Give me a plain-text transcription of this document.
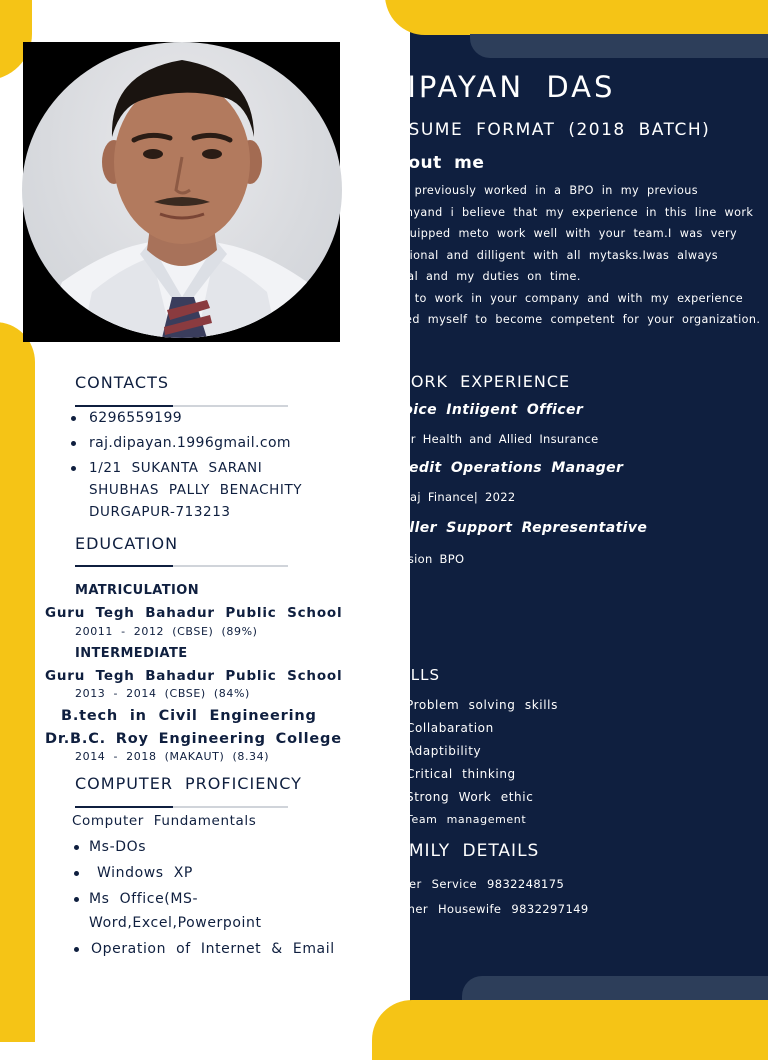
DIPAYAN DAS
RESUME FORMAT (2018 BATCH)
About me

I have previously worked in a BPO in my previous companyand i believe that my experience in this line work has equipped meto work well with your team.I was very professional and dilligent with all mytasks.Iwas always punctual and my duties on time.

I want to work in your company and with my experience prepared myself to become competent for your organization.

WORK EXPERIENCE
Voice Intiigent Officer
Star Health and Allied Insurance
Credit Operations Manager
Bajaj Finance| 2022
Seller Support Representative
Fusion BPO
SKILLS
Problem solving skills
Collabaration
Adaptibility
Critical thinking
Strong Work ethic
Team management
FAMILY DETAILS
Father Service 9832248175
Mother Housewife 9832297149
CONTACTS
6296559199
raj.dipayan.1996gmail.com
1/21 SUKANTA SARANI
SHUBHAS PALLY BENACHITY
DURGAPUR-713213
EDUCATION
MATRICULATION
Guru Tegh Bahadur Public School
20011 - 2012 (CBSE) (89%)
INTERMEDIATE
Guru Tegh Bahadur Public School
2013 - 2014 (CBSE) (84%)
B.tech in Civil Engineering
Dr.B.C. Roy Engineering College
2014 - 2018 (MAKAUT) (8.34)
COMPUTER PROFICIENCY
Computer Fundamentals
Ms-DOs
Windows XP
Ms Office(MS-Word,Excel,Powerpoint
Operation of Internet & Email
